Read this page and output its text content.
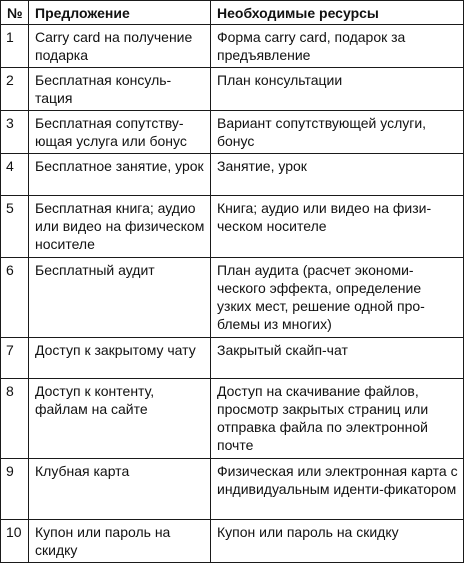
№	Предложение	Необходимые ресурсы
1	Carry card на получение подарка	Форма carry card, подарок за предъявление
2	Бесплатная консуль-тация	План консультации
3	Бесплатная сопутству-ющая услуга или бонус	Вариант сопутствующей услуги, бонус
4	Бесплатное занятие, урок	Занятие, урок
5	Бесплатная книга; аудио или видео на физическом носителе	Книга; аудио или видео на физи-ческом носителе
6	Бесплатный аудит	План аудита (расчет экономи-ческого эффекта, определение узких мест, решение одной про-блемы из многих)
7	Доступ к закрытому чату	Закрытый скайп-чат
8	Доступ к контенту, файлам на сайте	Доступ на скачивание файлов, просмотр закрытых страниц или отправка файла по электронной почте
9	Клубная карта	Физическая или электронная карта с индивидуальным иденти-фикатором
10	Купон или пароль на скидку	Купон или пароль на скидку
